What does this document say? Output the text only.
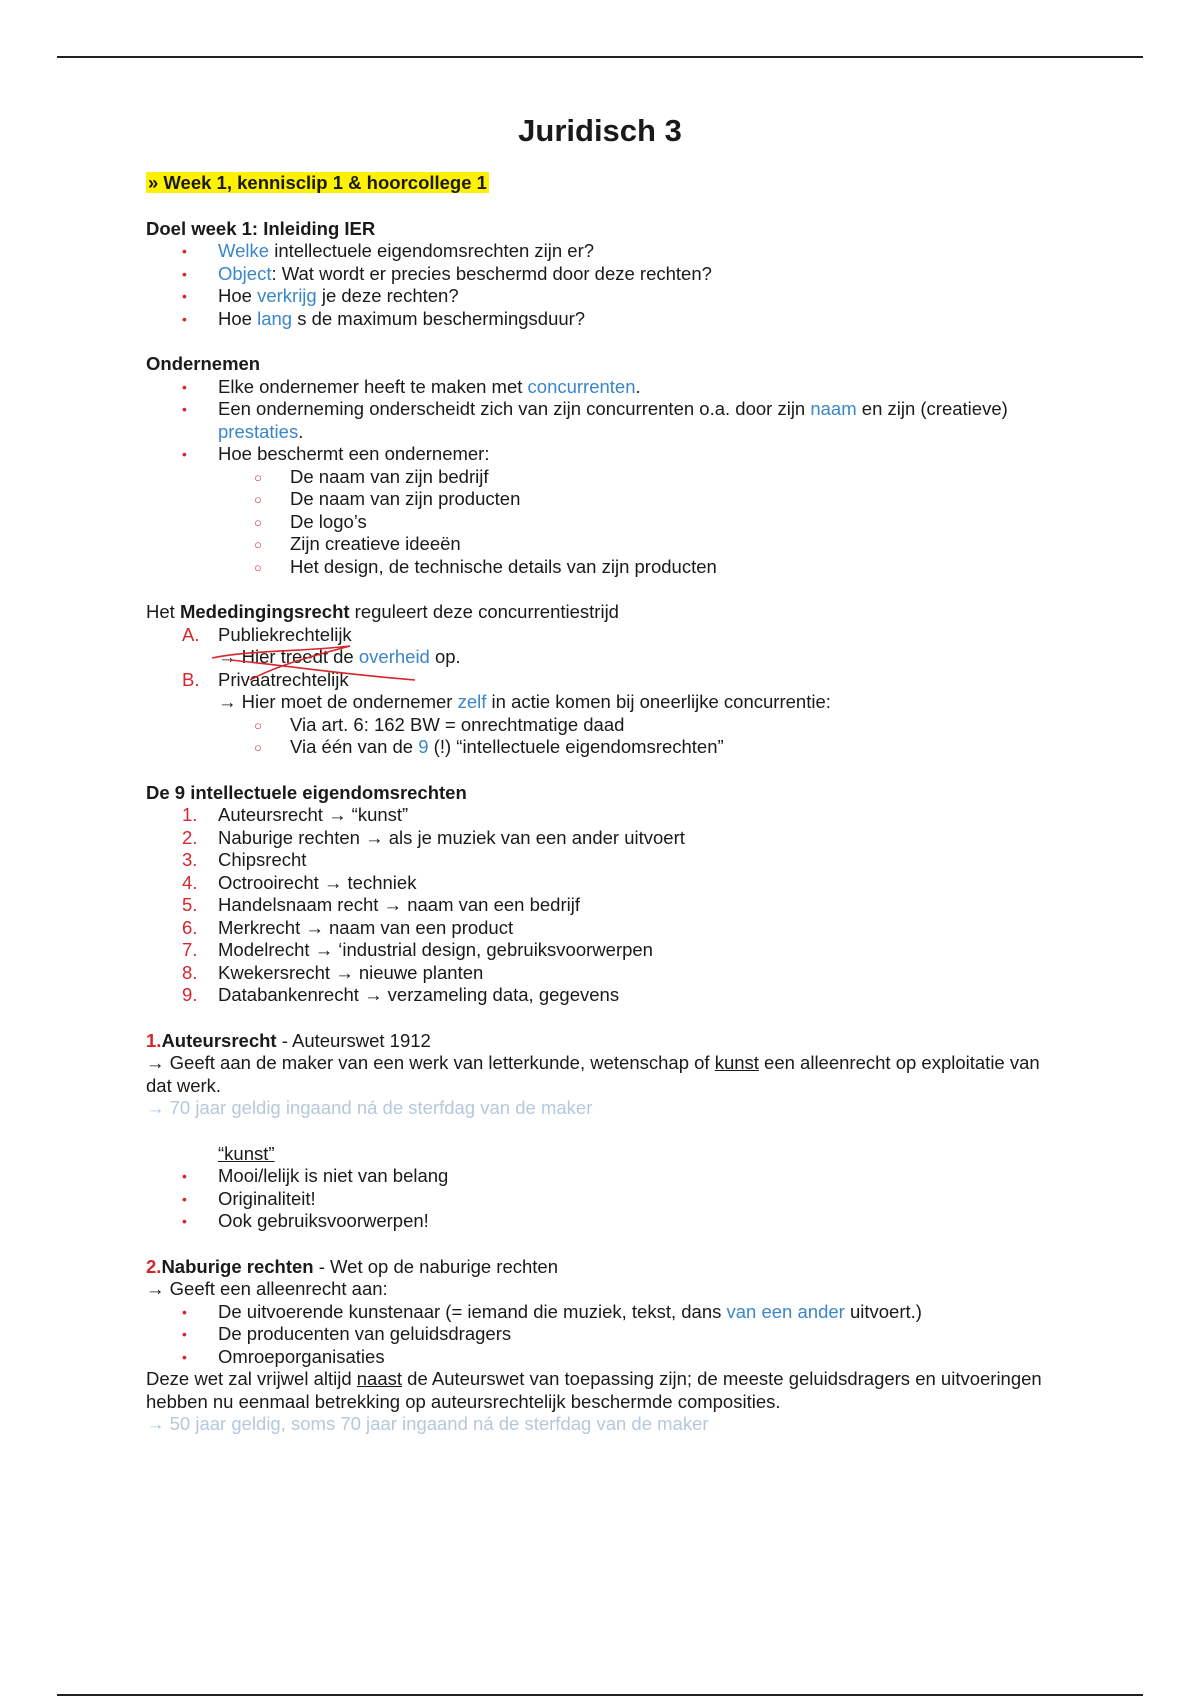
Juridisch 3
» Week 1, kennisclip 1 & hoorcollege 1
Doel week 1: Inleiding IER
• Welke intellectuele eigendomsrechten zijn er?
• Object: Wat wordt er precies beschermd door deze rechten?
• Hoe verkrijg je deze rechten?
• Hoe lang s de maximum beschermingsduur?
Ondernemen
• Elke ondernemer heeft te maken met concurrenten.
• Een onderneming onderscheidt zich van zijn concurrenten o.a. door zijn naam en zijn (creatieve) prestaties.
• Hoe beschermt een ondernemer:
○ De naam van zijn bedrijf
○ De naam van zijn producten
○ De logo’s
○ Zijn creatieve ideeën
○ Het design, de technische details van zijn producten
Het Mededingingsrecht reguleert deze concurrentiestrijd
A. Publiekrechtelijk
→ Hier treedt de overheid op.
B. Privaatrechtelijk
→ Hier moet de ondernemer zelf in actie komen bij oneerlijke concurrentie:
○ Via art. 6: 162 BW = onrechtmatige daad
○ Via één van de 9 (!) “intellectuele eigendomsrechten”
De 9 intellectuele eigendomsrechten
1. Auteursrecht → “kunst”
2. Naburige rechten → als je muziek van een ander uitvoert
3. Chipsrecht
4. Octrooirecht → techniek
5. Handelsnaam recht → naam van een bedrijf
6. Merkrecht → naam van een product
7. Modelrecht → ‘industrial design, gebruiksvoorwerpen
8. Kwekersrecht → nieuwe planten
9. Databankenrecht → verzameling data, gegevens
1.Auteursrecht - Auteurswet 1912
→ Geeft aan de maker van een werk van letterkunde, wetenschap of kunst een alleenrecht op exploitatie van dat werk.
→ 70 jaar geldig ingaand ná de sterfdag van de maker
“kunst”
• Mooi/lelijk is niet van belang
• Originaliteit!
• Ook gebruiksvoorwerpen!
2.Naburige rechten - Wet op de naburige rechten
→ Geeft een alleenrecht aan:
• De uitvoerende kunstenaar (= iemand die muziek, tekst, dans van een ander uitvoert.)
• De producenten van geluidsdragers
• Omroeporganisaties
Deze wet zal vrijwel altijd naast de Auteurswet van toepassing zijn; de meeste geluidsdragers en uitvoeringen hebben nu eenmaal betrekking op auteursrechtelijk beschermde composities.
→ 50 jaar geldig, soms 70 jaar ingaand ná de sterfdag van de maker
